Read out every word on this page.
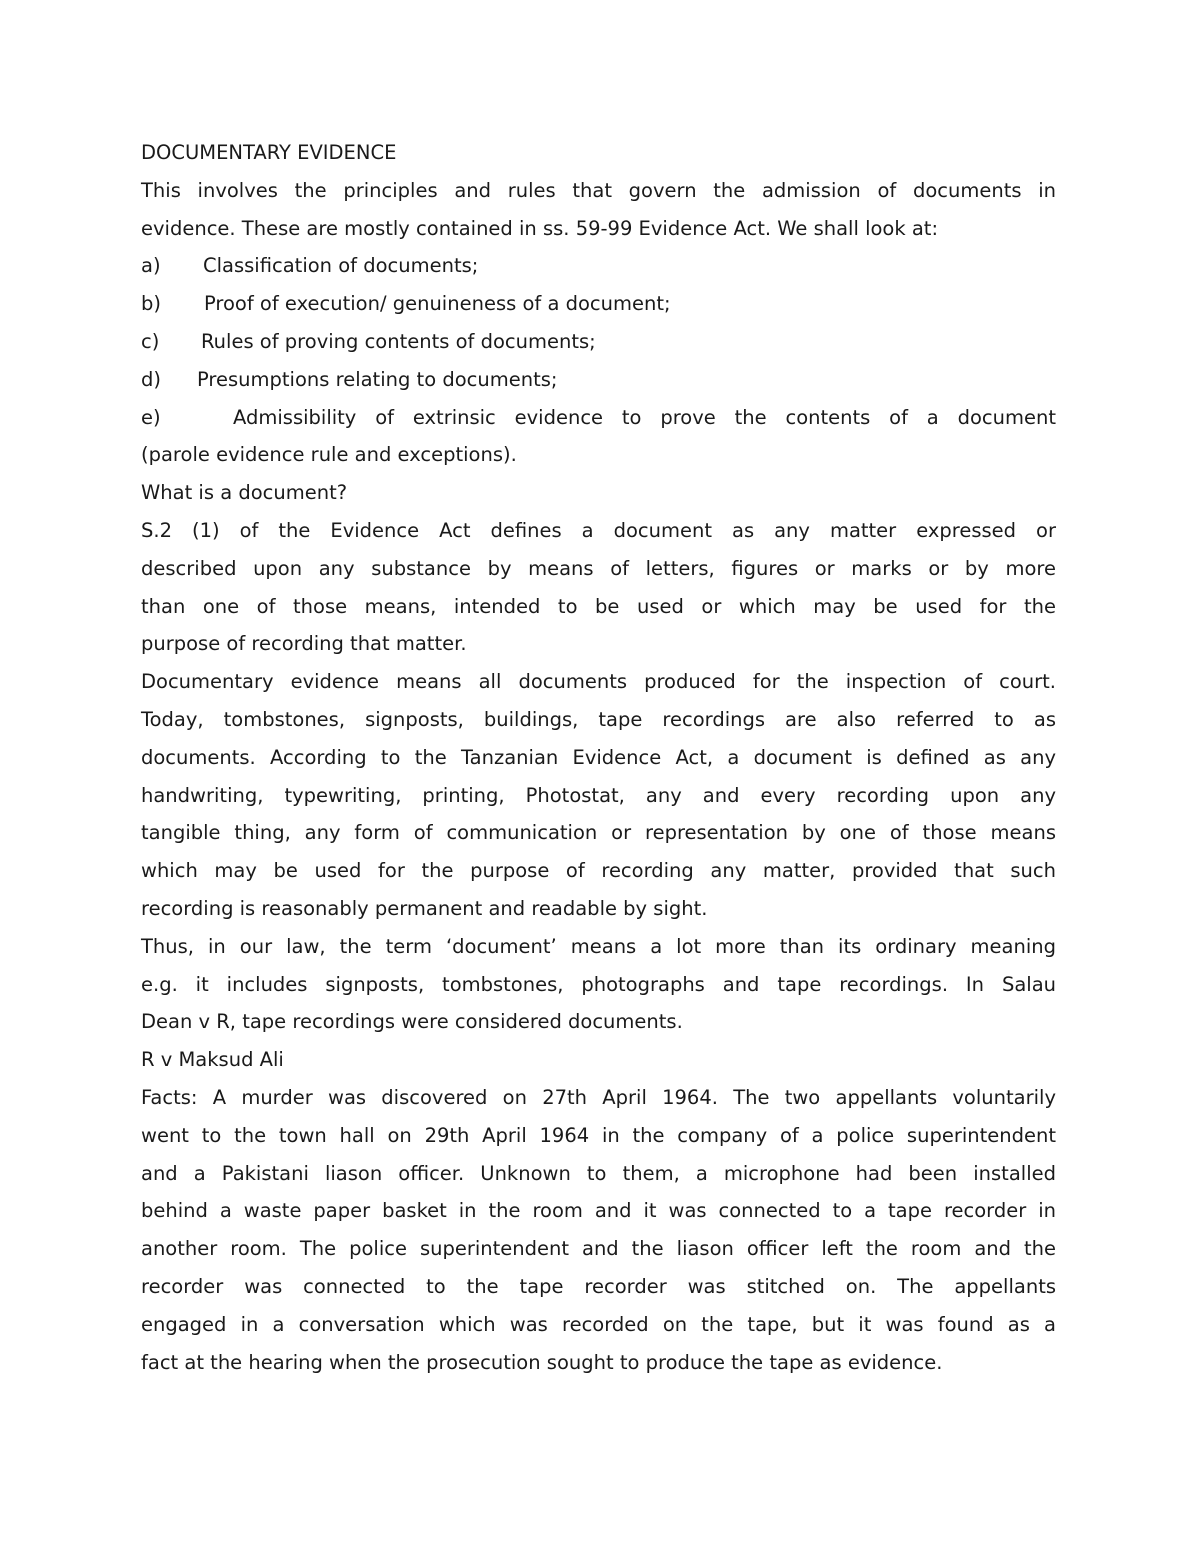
DOCUMENTARY EVIDENCE
This involves the principles and rules that govern the admission of documents in
evidence. These are mostly contained in ss. 59-99 Evidence Act. We shall look at:
a)	Classification of documents;
b)	Proof of execution/ genuineness of a document;
c)	Rules of proving contents of documents;
d)	Presumptions relating to documents;
e)	Admissibility of extrinsic evidence to prove the contents of a document
(parole evidence rule and exceptions).
What is a document?
S.2 (1) of the Evidence Act defines a document as any matter expressed or
described upon any substance by means of letters, figures or marks or by more
than one of those means, intended to be used or which may be used for the
purpose of recording that matter.
Documentary evidence means all documents produced for the inspection of court.
Today, tombstones, signposts, buildings, tape recordings are also referred to as
documents. According to the Tanzanian Evidence Act, a document is defined as any
handwriting, typewriting, printing, Photostat, any and every recording upon any
tangible thing, any form of communication or representation by one of those means
which may be used for the purpose of recording any matter, provided that such
recording is reasonably permanent and readable by sight.
Thus, in our law, the term ‘document’ means a lot more than its ordinary meaning
e.g. it includes signposts, tombstones, photographs and tape recordings. In Salau
Dean v R, tape recordings were considered documents.
R v Maksud Ali
Facts: A murder was discovered on 27th April 1964. The two appellants voluntarily
went to the town hall on 29th April 1964 in the company of a police superintendent
and a Pakistani liason officer. Unknown to them, a microphone had been installed
behind a waste paper basket in the room and it was connected to a tape recorder in
another room. The police superintendent and the liason officer left the room and the
recorder was connected to the tape recorder was stitched on. The appellants
engaged in a conversation which was recorded on the tape, but it was found as a
fact at the hearing when the prosecution sought to produce the tape as evidence.
